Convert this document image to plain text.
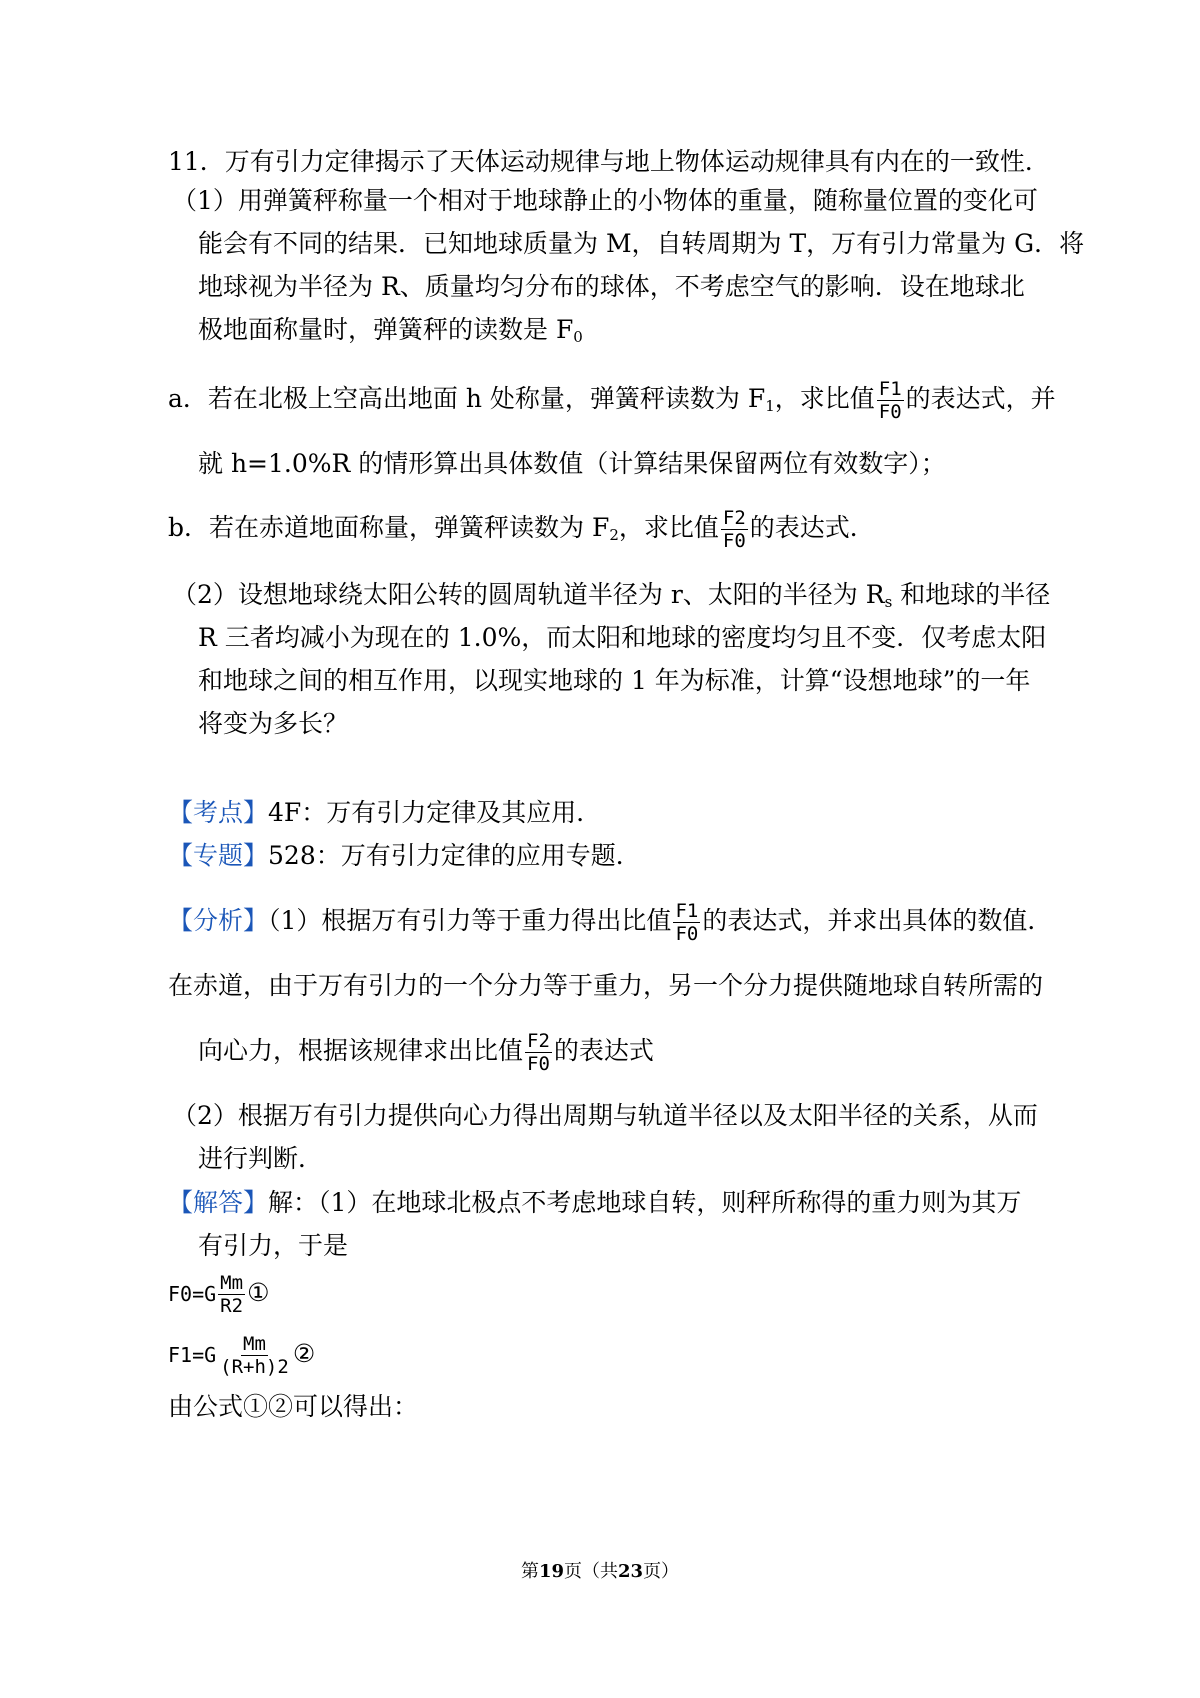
11．万有引力定律揭示了天体运动规律与地上物体运动规律具有内在的一致性．
（1）用弹簧秤称量一个相对于地球静止的小物体的重量，随称量位置的变化可
能会有不同的结果．已知地球质量为 M，自转周期为 T，万有引力常量为 G．将
地球视为半径为 R、质量均匀分布的球体，不考虑空气的影响．设在地球北
极地面称量时，弹簧秤的读数是 $F_0$
a．若在北极上空高出地面 h 处称量，弹簧秤读数为 $F_1$，求比值 $\frac{F1}{F0}$ 的表达式，并
就 h=1.0%R 的情形算出具体数值（计算结果保留两位有效数字）；
b．若在赤道地面称量，弹簧秤读数为 $F_2$，求比值 $\frac{F2}{F0}$ 的表达式．
（2）设想地球绕太阳公转的圆周轨道半径为 r、太阳的半径为 $R_s$ 和地球的半径
R 三者均减小为现在的 1.0%，而太阳和地球的密度均匀且不变．仅考虑太阳
和地球之间的相互作用，以现实地球的 1 年为标准，计算“设想地球”的一年
将变为多长？
【考点】4F：万有引力定律及其应用．
【专题】528：万有引力定律的应用专题．
【分析】（1）根据万有引力等于重力得出比值 $\frac{F1}{F0}$ 的表达式，并求出具体的数值．
在赤道，由于万有引力的一个分力等于重力，另一个分力提供随地球自转所需的
向心力，根据该规律求出比值 $\frac{F2}{F0}$ 的表达式
（2）根据万有引力提供向心力得出周期与轨道半径以及太阳半径的关系，从而
进行判断．
【解答】解：（1）在地球北极点不考虑地球自转，则秤所称得的重力则为其万
有引力，于是
$F0=G \frac{Mm}{R2}$ ①
$F1=G \frac{Mm}{(R+h)2}$ ②
由公式①②可以得出：
第19页（共23页）
